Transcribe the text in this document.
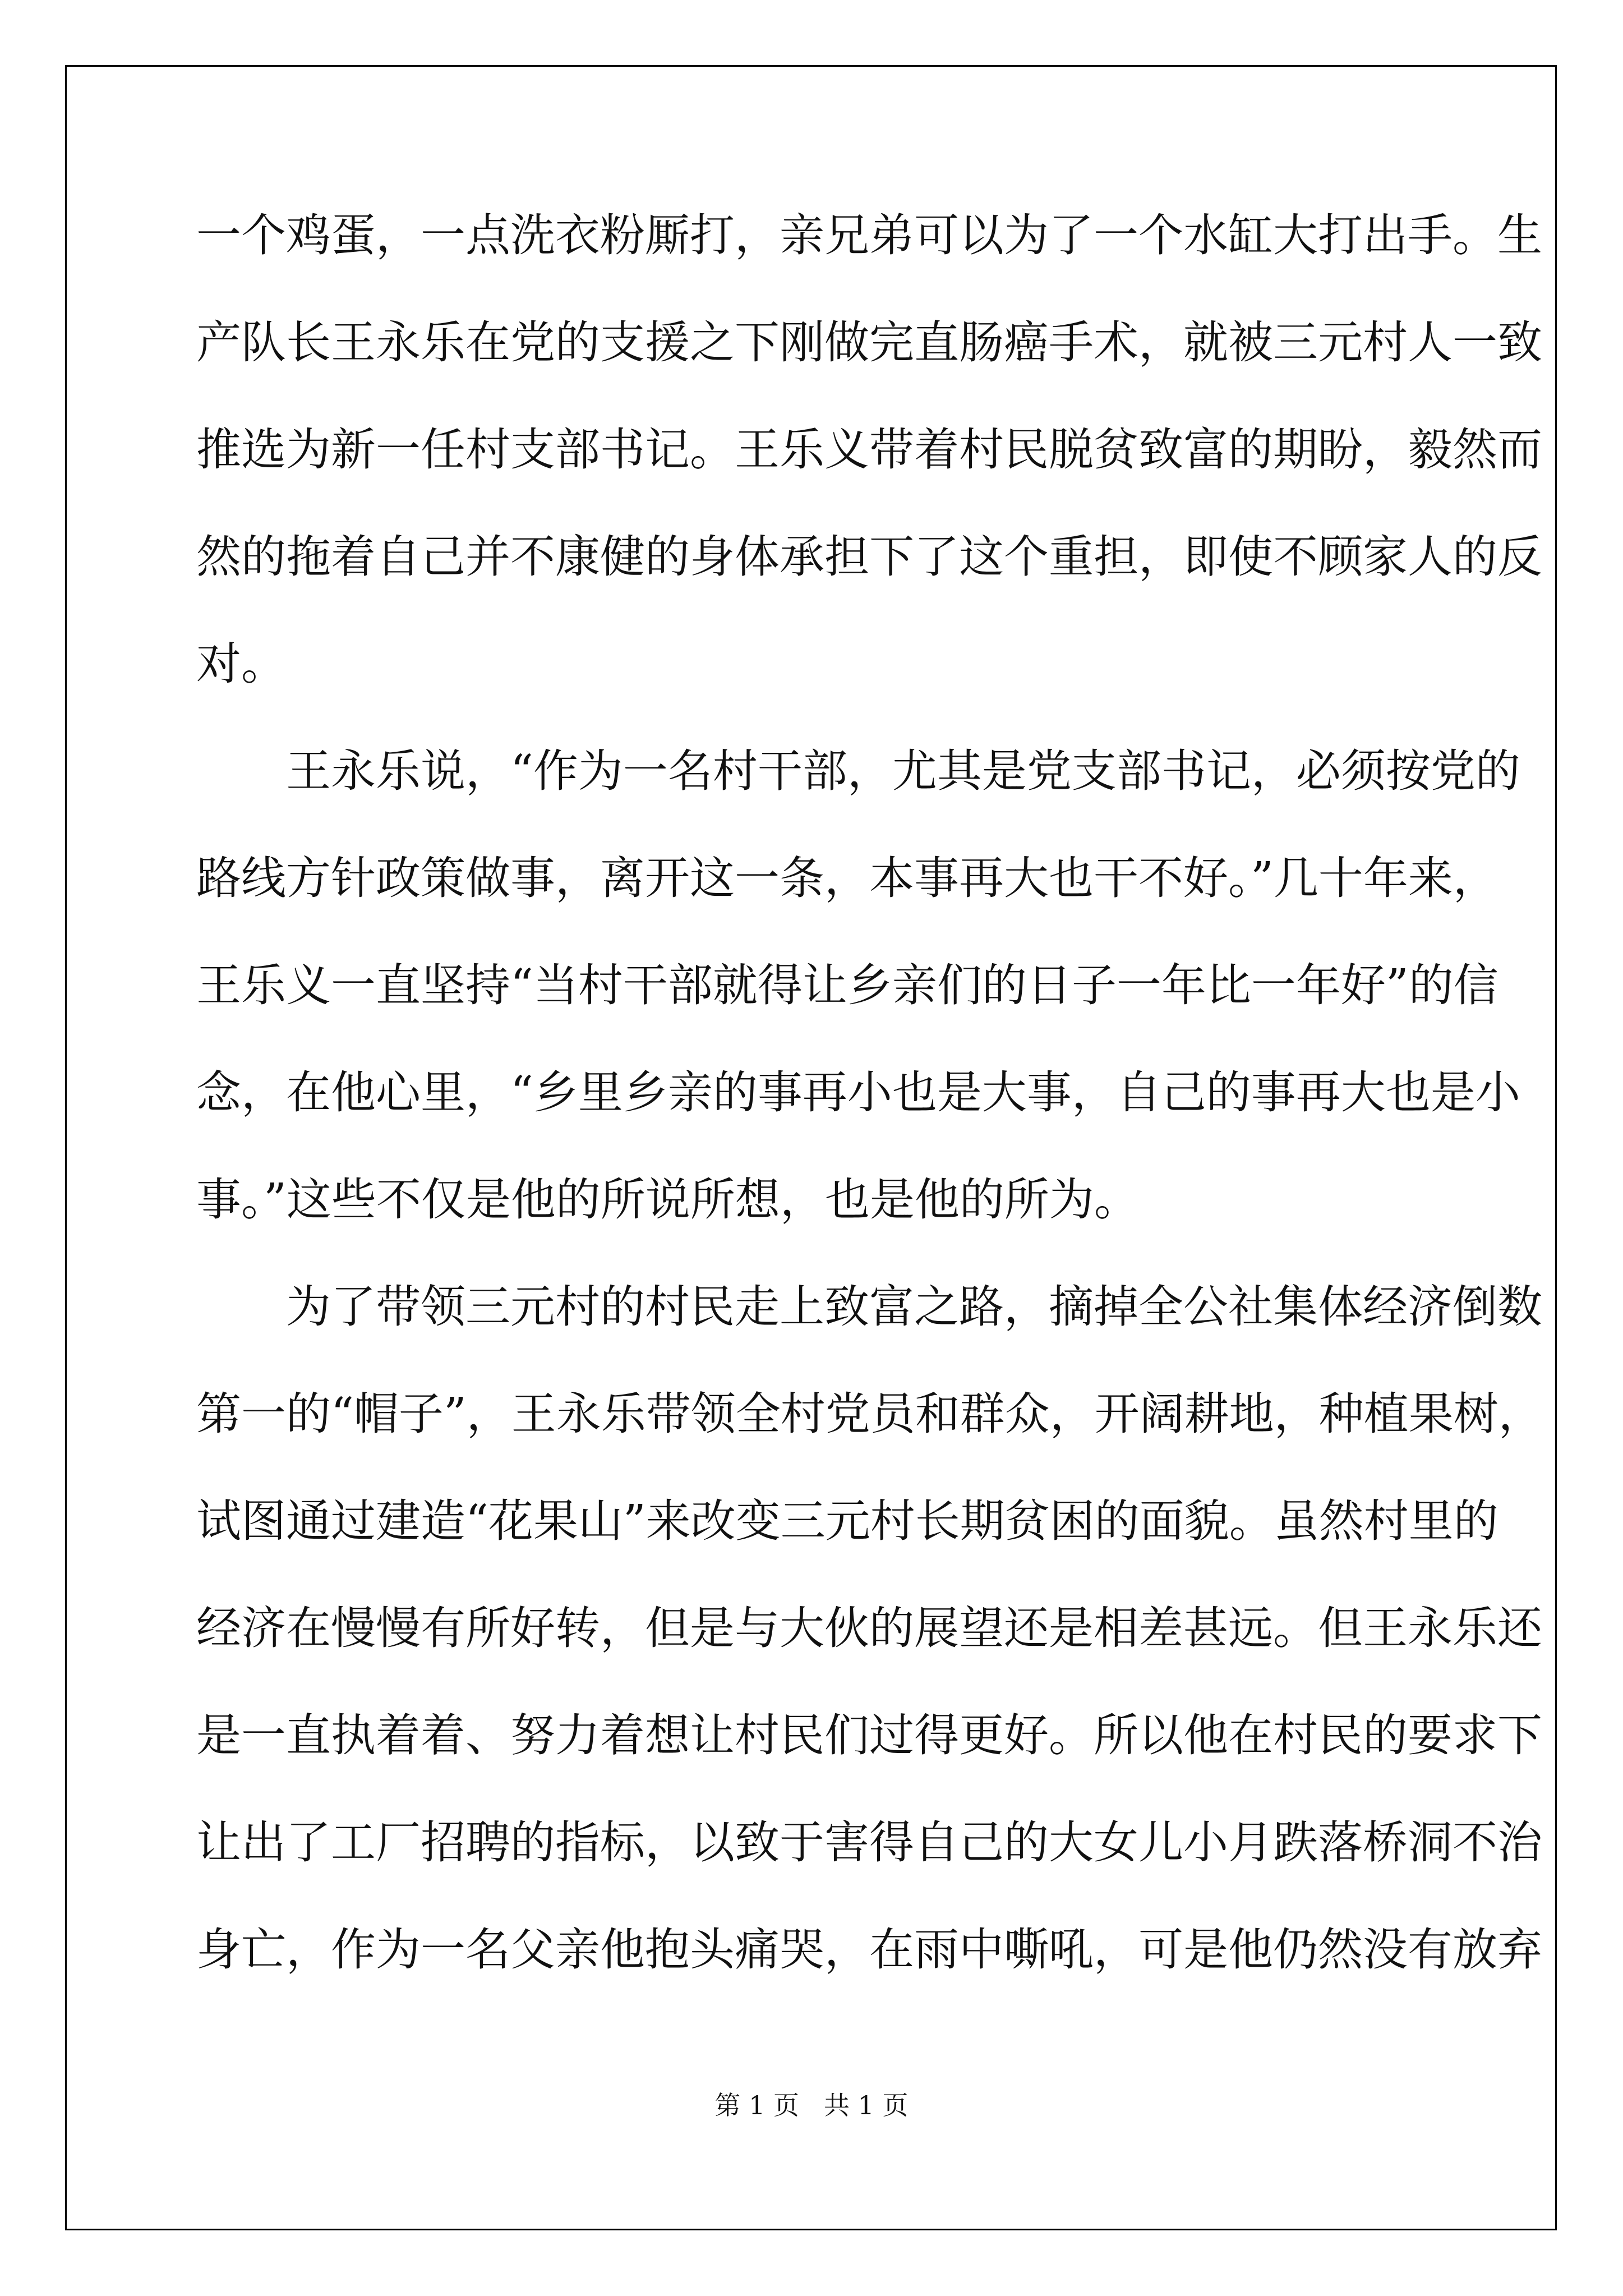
一个鸡蛋，一点洗衣粉厮打，亲兄弟可以为了一个水缸大打出手。生
产队长王永乐在党的支援之下刚做完直肠癌手术，就被三元村人一致
推选为新一任村支部书记。王乐义带着村民脱贫致富的期盼，毅然而
然的拖着自己并不康健的身体承担下了这个重担，即使不顾家人的反
对。
王永乐说，“作为一名村干部，尤其是党支部书记，必须按党的
路线方针政策做事，离开这一条，本事再大也干不好。”几十年来，
王乐义一直坚持“当村干部就得让乡亲们的日子一年比一年好”的信
念，在他心里，“乡里乡亲的事再小也是大事，自己的事再大也是小
事。”这些不仅是他的所说所想，也是他的所为。
为了带领三元村的村民走上致富之路，摘掉全公社集体经济倒数
第一的“帽子”，王永乐带领全村党员和群众，开阔耕地，种植果树，
试图通过建造“花果山”来改变三元村长期贫困的面貌。虽然村里的
经济在慢慢有所好转，但是与大伙的展望还是相差甚远。但王永乐还
是一直执着着、努力着想让村民们过得更好。所以他在村民的要求下
让出了工厂招聘的指标，以致于害得自己的大女儿小月跌落桥洞不治
身亡，作为一名父亲他抱头痛哭，在雨中嘶吼，可是他仍然没有放弃
第 1 页 共 1 页
